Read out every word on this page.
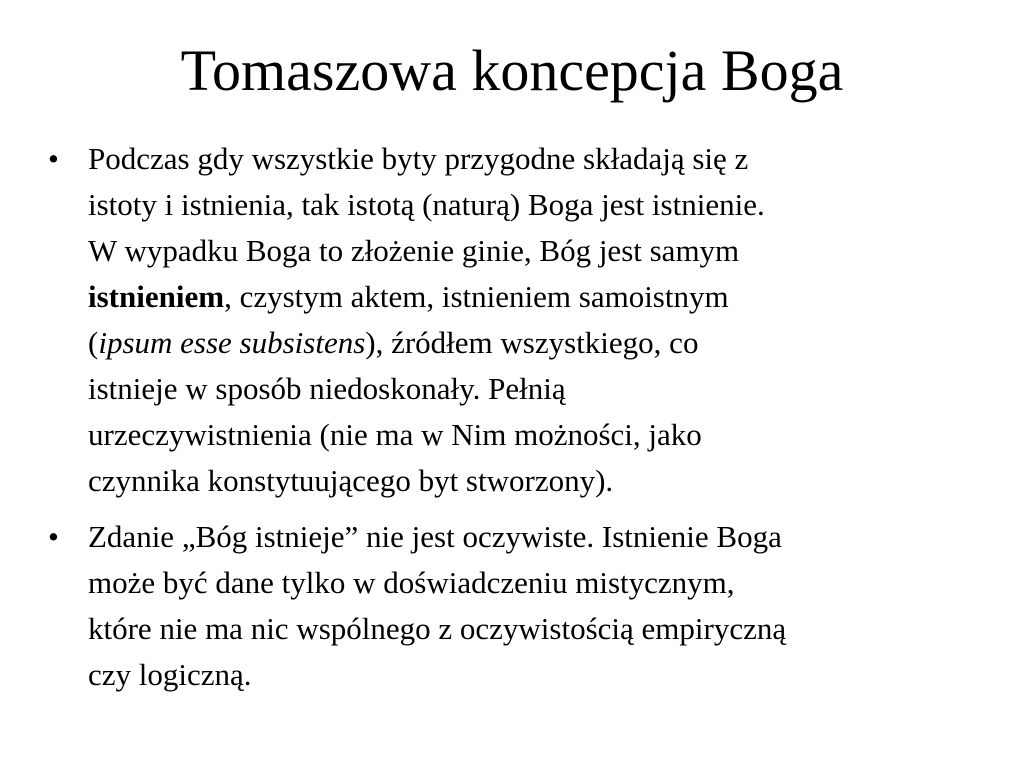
Tomaszowa koncepcja Boga
• Podczas gdy wszystkie byty przygodne składają się z
istoty i istnienia, tak istotą (naturą) Boga jest istnienie.
W wypadku Boga to złożenie ginie, Bóg jest samym
istnieniem, czystym aktem, istnieniem samoistnym
(ipsum esse subsistens), źródłem wszystkiego, co
istnieje w sposób niedoskonały. Pełnią
urzeczywistnienia (nie ma w Nim możności, jako
czynnika konstytuującego byt stworzony).
• Zdanie „Bóg istnieje” nie jest oczywiste. Istnienie Boga
może być dane tylko w doświadczeniu mistycznym,
które nie ma nic wspólnego z oczywistością empiryczną
czy logiczną.
